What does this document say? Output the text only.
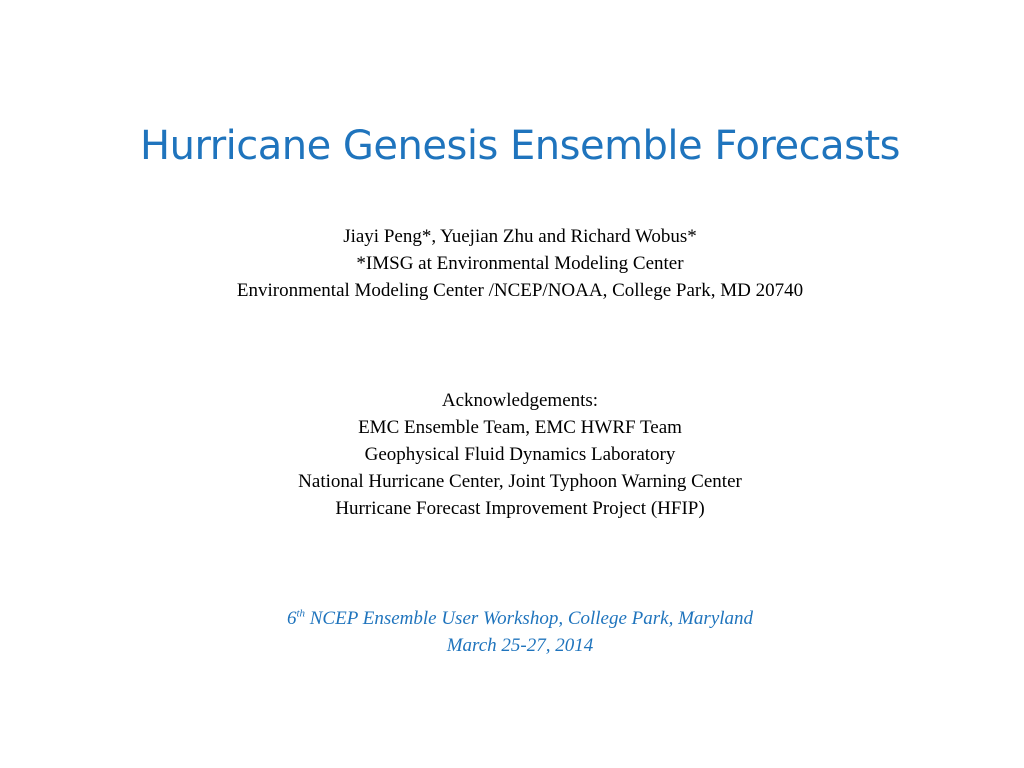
Hurricane Genesis Ensemble Forecasts
Jiayi Peng*, Yuejian Zhu and Richard Wobus*
*IMSG at Environmental Modeling Center
Environmental Modeling Center /NCEP/NOAA, College Park, MD 20740
Acknowledgements:
EMC Ensemble Team, EMC HWRF Team
Geophysical Fluid Dynamics Laboratory
National Hurricane Center, Joint Typhoon Warning Center
Hurricane Forecast Improvement Project (HFIP)
6th NCEP Ensemble User Workshop, College Park, Maryland
March 25-27, 2014
